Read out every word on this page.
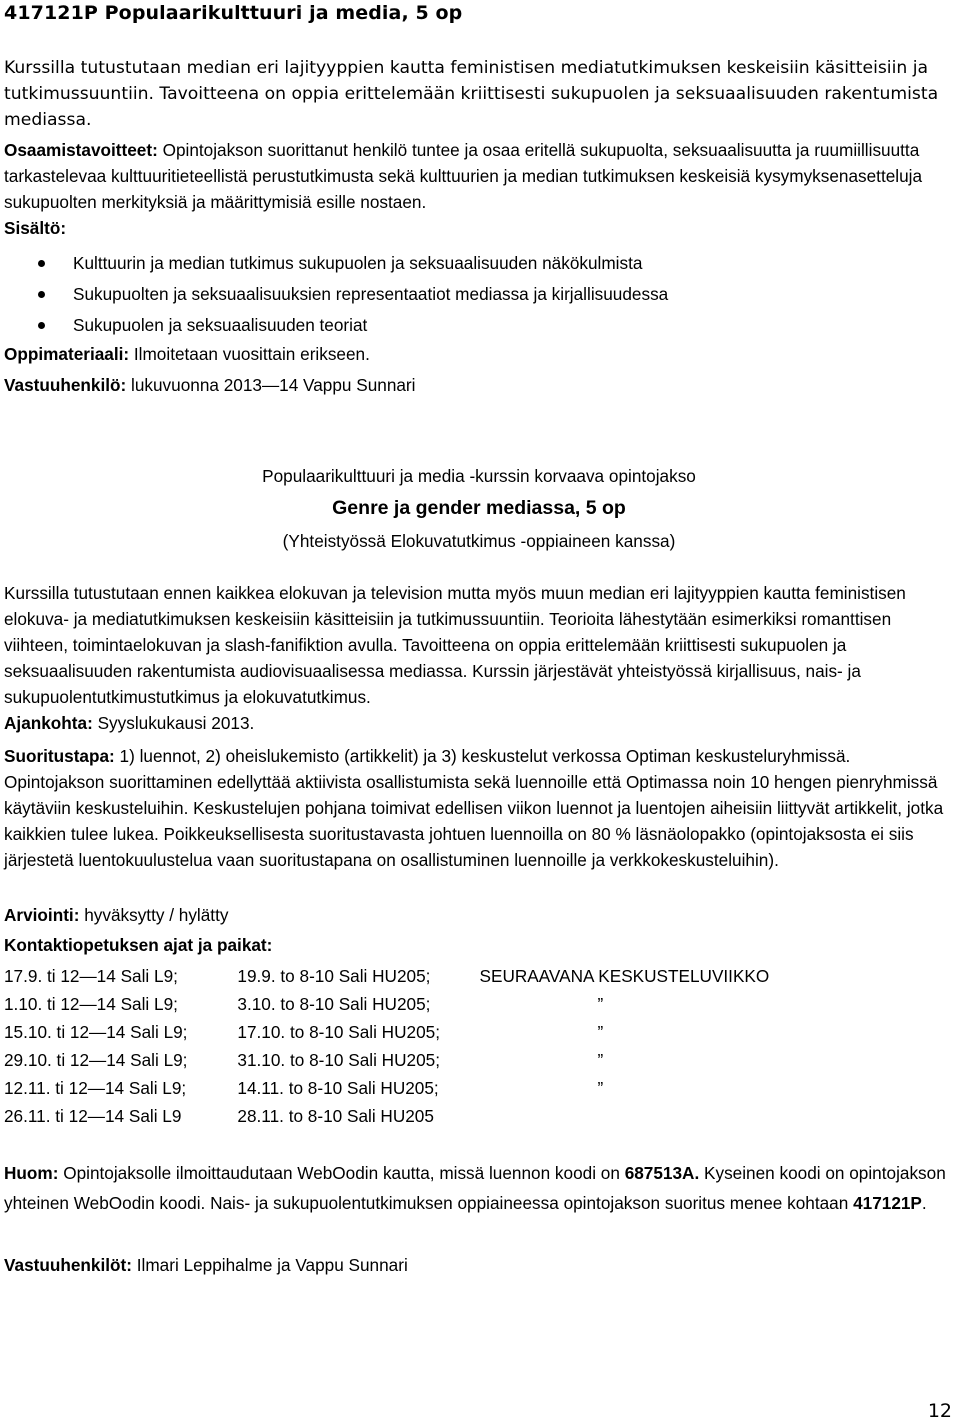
417121P Populaarikulttuuri ja media, 5 op
Kurssilla tutustutaan median eri lajityyppien kautta feministisen mediatutkimuksen keskeisiin käsitteisiin ja tutkimussuuntiin. Tavoitteena on oppia erittelemään kriittisesti sukupuolen ja seksuaalisuuden rakentumista mediassa.
Osaamistavoitteet: Opintojakson suorittanut henkilö tuntee ja osaa eritellä sukupuolta, seksuaalisuutta ja ruumiillisuutta tarkastelevaa kulttuuritieteellistä perustutkimusta sekä kulttuurien ja median tutkimuksen keskeisiä kysymyksenasetteluja sukupuolten merkityksiä ja määrittymisiä esille nostaen.
Sisältö:
Kulttuurin ja median tutkimus sukupuolen ja seksuaalisuuden näkökulmista
Sukupuolten ja seksuaalisuuksien representaatiot mediassa ja kirjallisuudessa
Sukupuolen ja seksuaalisuuden teoriat
Oppimateriaali: Ilmoitetaan vuosittain erikseen.
Vastuuhenkilö: lukuvuonna 2013—14 Vappu Sunnari
Populaarikulttuuri ja media -kurssin korvaava opintojakso
Genre ja gender mediassa, 5 op
(Yhteistyössä Elokuvatutkimus -oppiaineen kanssa)
Kurssilla tutustutaan ennen kaikkea elokuvan ja television mutta myös muun median eri lajityyppien kautta feministisen elokuva- ja mediatutkimuksen keskeisiin käsitteisiin ja tutkimussuuntiin. Teorioita lähestytään esimerkiksi romanttisen viihteen, toimintaelokuvan ja slash-fanifiktion avulla. Tavoitteena on oppia erittelemään kriittisesti sukupuolen ja seksuaalisuuden rakentumista audiovisuaalisessa mediassa. Kurssin järjestävät yhteistyössä kirjallisuus, nais- ja sukupuolentutkimustutkimus ja elokuvatutkimus.
Ajankohta: Syyslukukausi 2013.
Suoritustapa: 1) luennot, 2) oheislukemisto (artikkelit) ja 3) keskustelut verkossa Optiman keskusteluryhmissä. Opintojakson suorittaminen edellyttää aktiivista osallistumista sekä luennoille että Optimassa noin 10 hengen pienryhmissä käytäviin keskusteluihin. Keskustelujen pohjana toimivat edellisen viikon luennot ja luentojen aiheisiin liittyvät artikkelit, jotka kaikkien tulee lukea. Poikkeuksellisesta suoritustavasta johtuen luennoilla on 80 % läsnäolopakko (opintojaksosta ei siis järjestetä luentokuulustelua vaan suoritustapana on osallistuminen luennoille ja verkkokeskusteluihin).
Arviointi: hyväksytty / hylätty
Kontaktiopetuksen ajat ja paikat:
17.9. ti 12—14 Sali L9;	19.9. to 8-10 Sali HU205;	SEURAAVANA KESKUSTELUVIIKKO
1.10. ti 12—14 Sali L9;	3.10. to 8-10 Sali HU205;	”
15.10. ti 12—14 Sali L9;	17.10. to 8-10 Sali HU205;	”
29.10. ti 12—14 Sali L9;	31.10. to 8-10 Sali HU205;	”
12.11. ti 12—14 Sali L9;	14.11. to 8-10 Sali HU205;	”
26.11. ti 12—14 Sali L9	28.11. to 8-10 Sali HU205	
Huom: Opintojaksolle ilmoittaudutaan WebOodin kautta, missä luennon koodi on 687513A. Kyseinen koodi on opintojakson yhteinen WebOodin koodi. Nais- ja sukupuolentutkimuksen oppiaineessa opintojakson suoritus menee kohtaan 417121P.
Vastuuhenkilöt: Ilmari Leppihalme ja Vappu Sunnari
12
